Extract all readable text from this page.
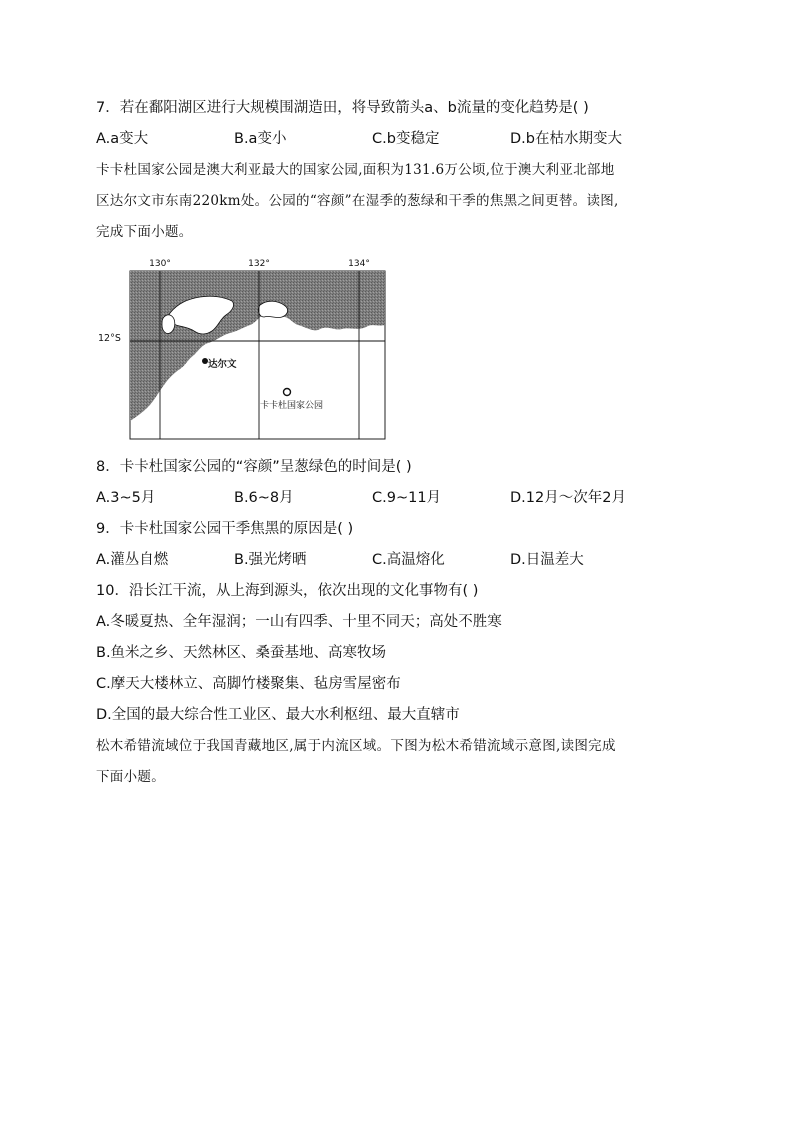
7．若在鄱阳湖区进行大规模围湖造田，将导致箭头a、b流量的变化趋势是( )
A.a变大	B.a变小	C.b变稳定	D.b在枯水期变大
卡卡杜国家公园是澳大利亚最大的国家公园,面积为131.6万公顷,位于澳大利亚北部地
区达尔文市东南220km处。公园的“容颜”在湿季的葱绿和干季的焦黑之间更替。读图,
完成下面小题。
130°	132°	134°
达尔文
卡卡杜国家公园
12°S
8．卡卡杜国家公园的“容颜”呈葱绿色的时间是( )
A.3~5月	B.6~8月	C.9~11月	D.12月～次年2月
9．卡卡杜国家公园干季焦黑的原因是( )
A.灌丛自燃	B.强光烤晒	C.高温熔化	D.日温差大
10．沿长江干流，从上海到源头，依次出现的文化事物有( )
A.冬暖夏热、全年湿润；一山有四季、十里不同天；高处不胜寒
B.鱼米之乡、天然林区、桑蚕基地、高寒牧场
C.摩天大楼林立、高脚竹楼聚集、毡房雪屋密布
D.全国的最大综合性工业区、最大水利枢纽、最大直辖市
松木希错流域位于我国青藏地区,属于内流区域。下图为松木希错流域示意图,读图完成
下面小题。
